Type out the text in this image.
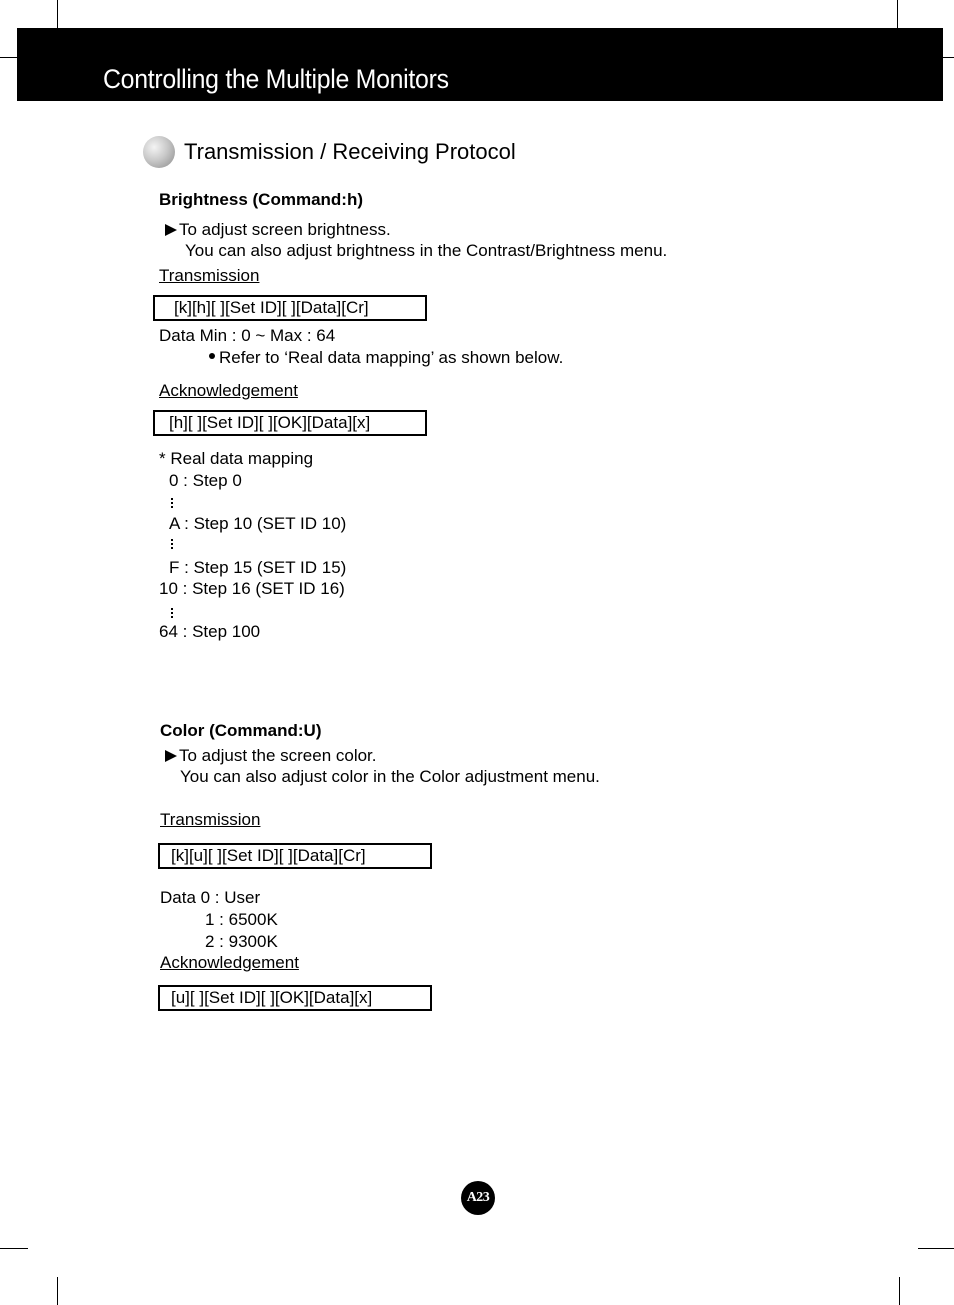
Controlling the Multiple Monitors
Transmission / Receiving Protocol
Brightness (Command:h)
To adjust screen brightness.
You can also adjust brightness in the Contrast/Brightness menu.
Transmission
[k][h][ ][Set ID][ ][Data][Cr]
Data Min : 0 ~ Max : 64
Refer to ‘Real data mapping’ as shown below.
Acknowledgement
[h][ ][Set ID][ ][OK][Data][x]
* Real data mapping
0 : Step 0
A : Step 10 (SET ID 10)
F : Step 15 (SET ID 15)
10 : Step 16 (SET ID 16)
64 : Step 100
Color (Command:U)
To adjust the screen color.
You can also adjust color in the Color adjustment menu.
Transmission
[k][u][ ][Set ID][ ][Data][Cr]
Data 0 : User
1 : 6500K
2 : 9300K
Acknowledgement
[u][ ][Set ID][ ][OK][Data][x]
A23
